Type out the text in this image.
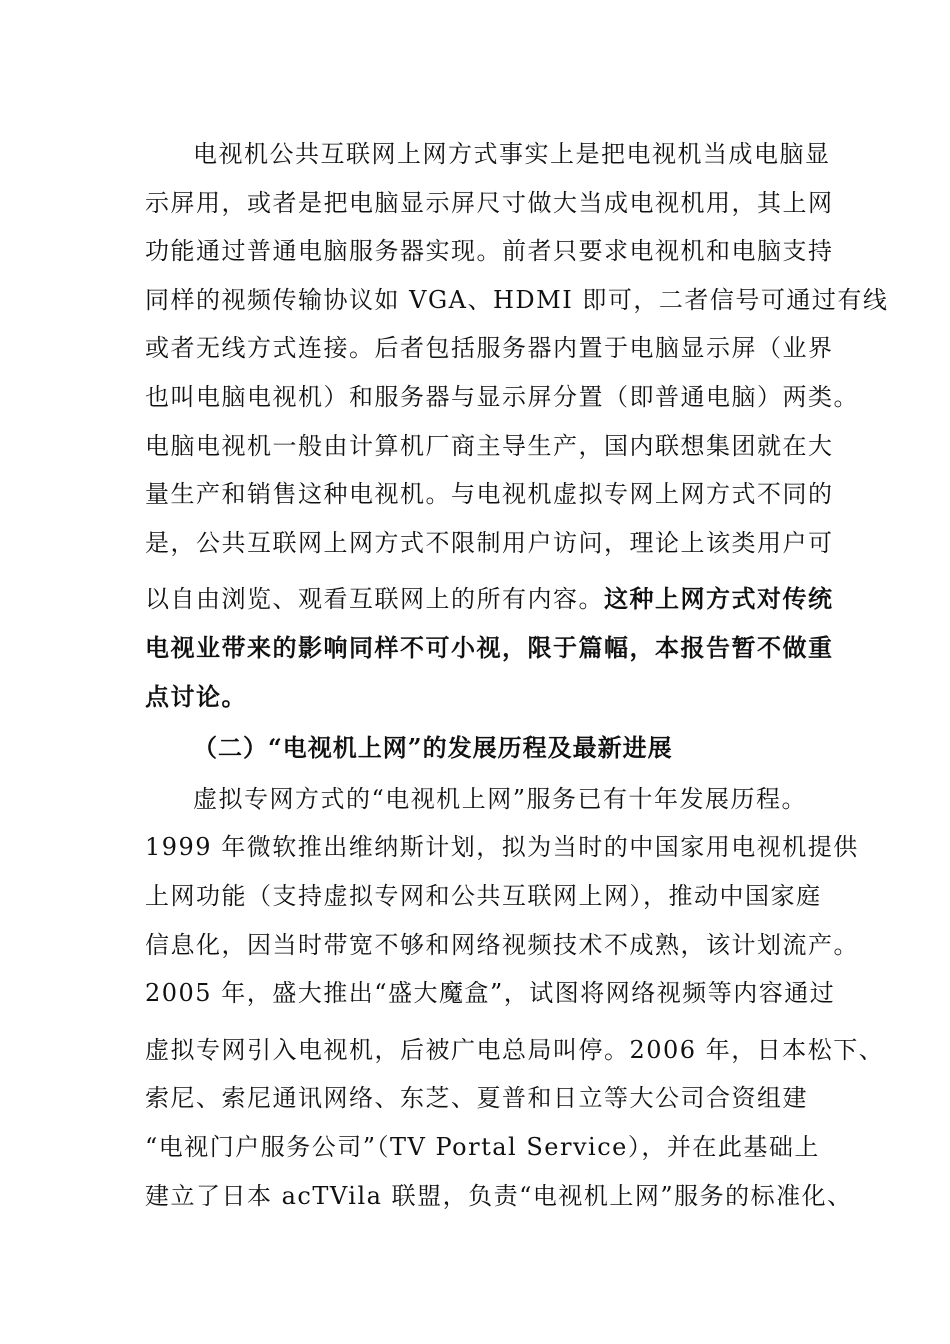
电视机公共互联网上网方式事实上是把电视机当成电脑显
示屏用，或者是把电脑显示屏尺寸做大当成电视机用，其上网
功能通过普通电脑服务器实现。前者只要求电视机和电脑支持
同样的视频传输协议如 VGA、HDMI 即可，二者信号可通过有线
或者无线方式连接。后者包括服务器内置于电脑显示屏（业界
也叫电脑电视机）和服务器与显示屏分置（即普通电脑）两类。
电脑电视机一般由计算机厂商主导生产，国内联想集团就在大
量生产和销售这种电视机。与电视机虚拟专网上网方式不同的
是，公共互联网上网方式不限制用户访问，理论上该类用户可
以自由浏览、观看互联网上的所有内容。这种上网方式对传统
电视业带来的影响同样不可小视，限于篇幅，本报告暂不做重
点讨论。
（二）“电视机上网”的发展历程及最新进展
虚拟专网方式的“电视机上网”服务已有十年发展历程。
1999 年微软推出维纳斯计划，拟为当时的中国家用电视机提供
上网功能（支持虚拟专网和公共互联网上网），推动中国家庭
信息化，因当时带宽不够和网络视频技术不成熟，该计划流产。
2005 年，盛大推出“盛大魔盒”，试图将网络视频等内容通过
虚拟专网引入电视机，后被广电总局叫停。2006 年，日本松下、
索尼、索尼通讯网络、东芝、夏普和日立等大公司合资组建
“电视门户服务公司”（TV Portal Service），并在此基础上
建立了日本 acTVila 联盟，负责“电视机上网”服务的标准化、
